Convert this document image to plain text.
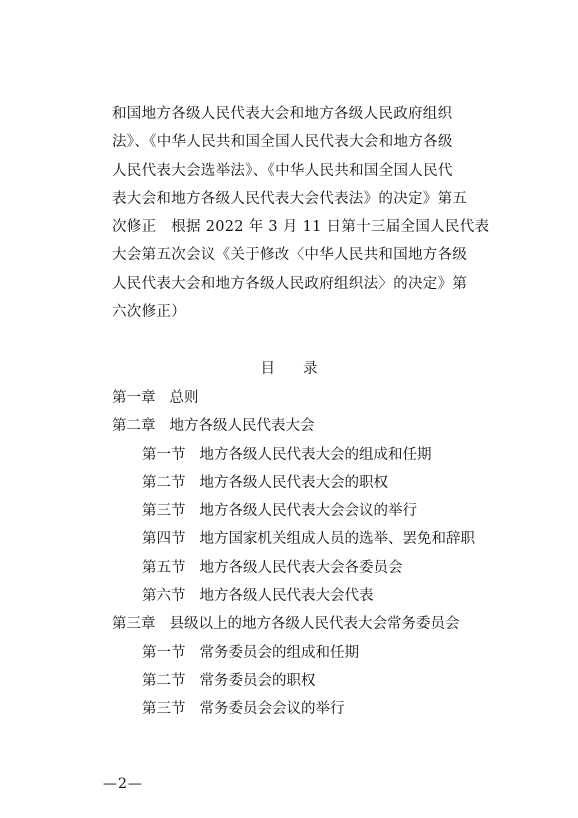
和国地方各级人民代表大会和地方各级人民政府组织
法》、《中华人民共和国全国人民代表大会和地方各级
人民代表大会选举法》、《中华人民共和国全国人民代
表大会和地方各级人民代表大会代表法》的决定》第五
次修正　根据 2022 年 3 月 11 日第十三届全国人民代表
大会第五次会议《关于修改〈中华人民共和国地方各级
人民代表大会和地方各级人民政府组织法〉的决定》第
六次修正）
目 录
第一章 总则
第二章 地方各级人民代表大会
第一节 地方各级人民代表大会的组成和任期
第二节 地方各级人民代表大会的职权
第三节 地方各级人民代表大会会议的举行
第四节 地方国家机关组成人员的选举、罢免和辞职
第五节 地方各级人民代表大会各委员会
第六节 地方各级人民代表大会代表
第三章 县级以上的地方各级人民代表大会常务委员会
第一节 常务委员会的组成和任期
第二节 常务委员会的职权
第三节 常务委员会会议的举行
—2—
